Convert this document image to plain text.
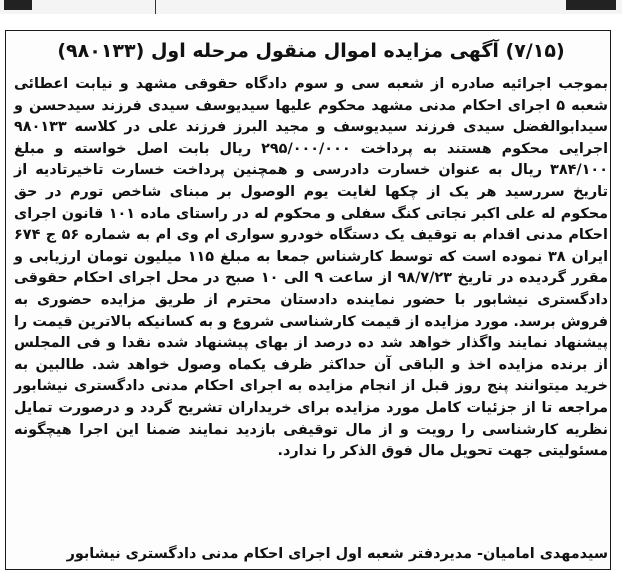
(۷/۱۵) آگهی مزایده اموال منقول مرحله اول (۹۸۰۱۳۳)

بموجب اجرائیه صادره از شعبه سی و سوم دادگاه حقوقی مشهد و نیابت اعطائی شعبه ۵ اجرای احکام مدنی مشهد محکوم علیها سیدیوسف سیدی فرزند سیدحسن و سیدابوالفضل سیدی فرزند سیدیوسف و مجید البرز فرزند علی در کلاسه ۹۸۰۱۳۳ اجرایی محکوم هستند به پرداخت ۲۹۵/۰۰۰/۰۰۰ ریال بابت اصل خواسته و مبلغ ۳۸۴/۱۰۰ ریال به عنوان خسارت دادرسی و همچنین پرداخت خسارت تاخیرتادیه از تاریخ سررسید هر یک از چکها لغایت یوم الوصول بر مبنای شاخص تورم در حق محکوم له علی اکبر نجاتی کنگ سفلی و محکوم له در راستای ماده ۱۰۱ قانون اجرای احکام مدنی اقدام به توقیف یک دستگاه خودرو سواری ام وی ام به شماره ۵۶ ج ۶۷۴ ایران ۳۸ نموده است که توسط کارشناس جمعا به مبلغ ۱۱۵ میلیون تومان ارزیابی و مقرر گردیده در تاریخ ۹۸/۷/۲۳ از ساعت ۹ الی ۱۰ صبح در محل اجرای احکام حقوقی دادگستری نیشابور با حضور نماینده دادستان محترم از طریق مزایده حضوری به فروش برسد. مورد مزایده از قیمت کارشناسی شروع و به کسانیکه بالاترین قیمت را پیشنهاد نمایند واگذار خواهد شد ده درصد از بهای پیشنهاد شده نقدا و فی المجلس از برنده مزایده اخذ و الباقی آن حداکثر ظرف یکماه وصول خواهد شد. طالبین به خرید میتوانند پنج روز قبل از انجام مزایده به اجرای احکام مدنی دادگستری نیشابور مراجعه تا از جزئیات کامل مورد مزایده برای خریداران تشریح گردد و درصورت تمایل نظریه کارشناسی را رویت و از مال توقیفی بازدید نمایند ضمنا این اجرا هیچگونه مسئولیتی جهت تحویل مال فوق الذکر را ندارد.

سیدمهدی امامیان- مدیردفتر شعبه اول اجرای احکام مدنی دادگستری نیشابور
